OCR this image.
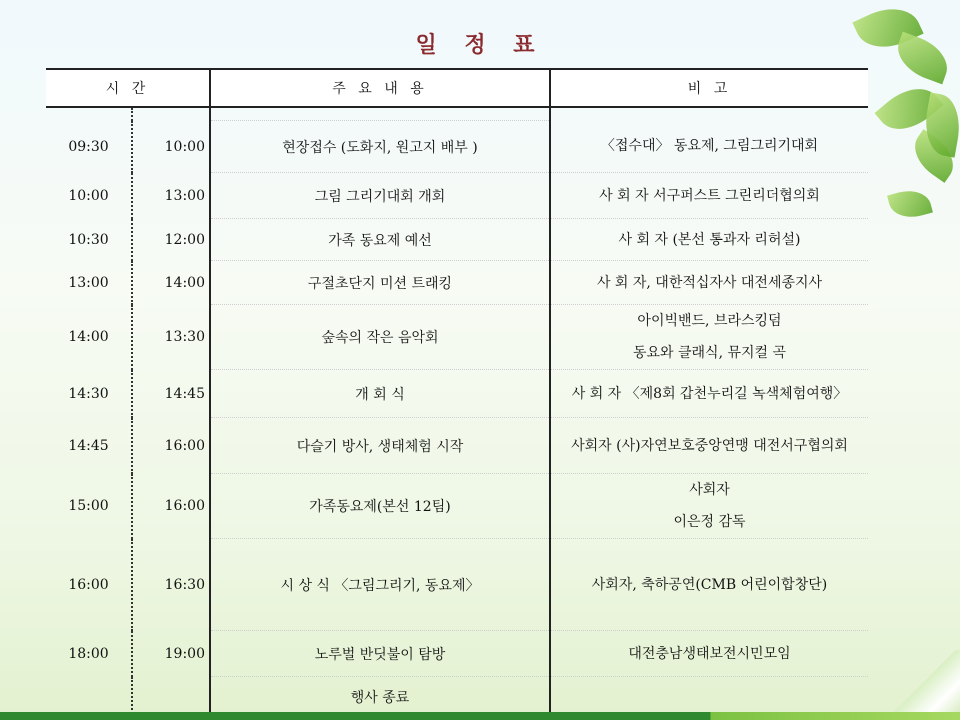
일 정 표
시 간		주 요 내 용	비 고

09:30	10:00	현장접수 (도화지, 원고지 배부 )	〈접수대〉 동요제, 그림그리기대회

10:00	13:00	그림 그리기대회 개회	사 회 자 서구퍼스트 그린리더협의회

10:30	12:00	가족 동요제 예선	사 회 자 (본선 통과자 리허설)

13:00	14:00	구절초단지 미션 트래킹	사 회 자, 대한적십자사 대전세종지사

14:00	13:30	숲속의 작은 음악회	아이빅밴드, 브라스킹덤
동요와 클래식, 뮤지컬 곡

14:30	14:45	개 회 식	사 회 자 〈제8회 갑천누리길 녹색체험여행〉

14:45	16:00	다슬기 방사, 생태체험 시작	사회자 (사)자연보호중앙연맹 대전서구협의회

15:00	16:00	가족동요제(본선 12팀)	사회자
이은정 감독

16:00	16:30	시 상 식 〈그림그리기, 동요제〉	사회자, 축하공연(CMB 어린이합창단)

18:00	19:00	노루벌 반딧불이 탐방	대전충남생태보전시민모임

		행사 종료	
